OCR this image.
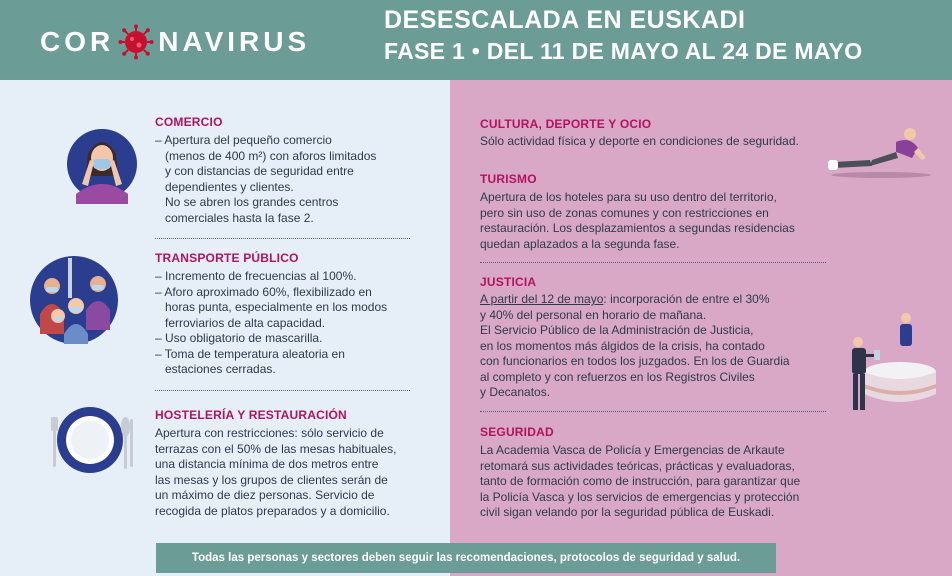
COR NAVIRUS
DESESCALADA EN EUSKADI
FASE 1 • DEL 11 DE MAYO AL 24 DE MAYO
COMERCIO
– Apertura del pequeño comercio
(menos de 400 m²) con aforos limitados
y con distancias de seguridad entre
dependientes y clientes.
No se abren los grandes centros
comerciales hasta la fase 2.
TRANSPORTE PÚBLICO
– Incremento de frecuencias al 100%.
– Aforo aproximado 60%, flexibilizado en
horas punta, especialmente en los modos
ferroviarios de alta capacidad.
– Uso obligatorio de mascarilla.
– Toma de temperatura aleatoria en
estaciones cerradas.
HOSTELERÍA Y RESTAURACIÓN
Apertura con restricciones: sólo servicio de
terrazas con el 50% de las mesas habituales,
una distancia mínima de dos metros entre
las mesas y los grupos de clientes serán de
un máximo de diez personas. Servicio de
recogida de platos preparados y a domicilio.
CULTURA, DEPORTE Y OCIO
Sólo actividad física y deporte en condiciones de seguridad.
TURISMO
Apertura de los hoteles para su uso dentro del territorio,
pero sin uso de zonas comunes y con restricciones en
restauración. Los desplazamientos a segundas residencias
quedan aplazados a la segunda fase.
JUSTICIA
A partir del 12 de mayo: incorporación de entre el 30%
y 40% del personal en horario de mañana.
El Servicio Público de la Administración de Justicia,
en los momentos más álgidos de la crisis, ha contado
con funcionarios en todos los juzgados. En los de Guardia
al completo y con refuerzos en los Registros Civiles
y Decanatos.
SEGURIDAD
La Academia Vasca de Policía y Emergencias de Arkaute
retomará sus actividades teóricas, prácticas y evaluadoras,
tanto de formación como de instrucción, para garantizar que
la Policía Vasca y los servicios de emergencias y protección
civil sigan velando por la seguridad pública de Euskadi.
Todas las personas y sectores deben seguir las recomendaciones, protocolos de seguridad y salud.
